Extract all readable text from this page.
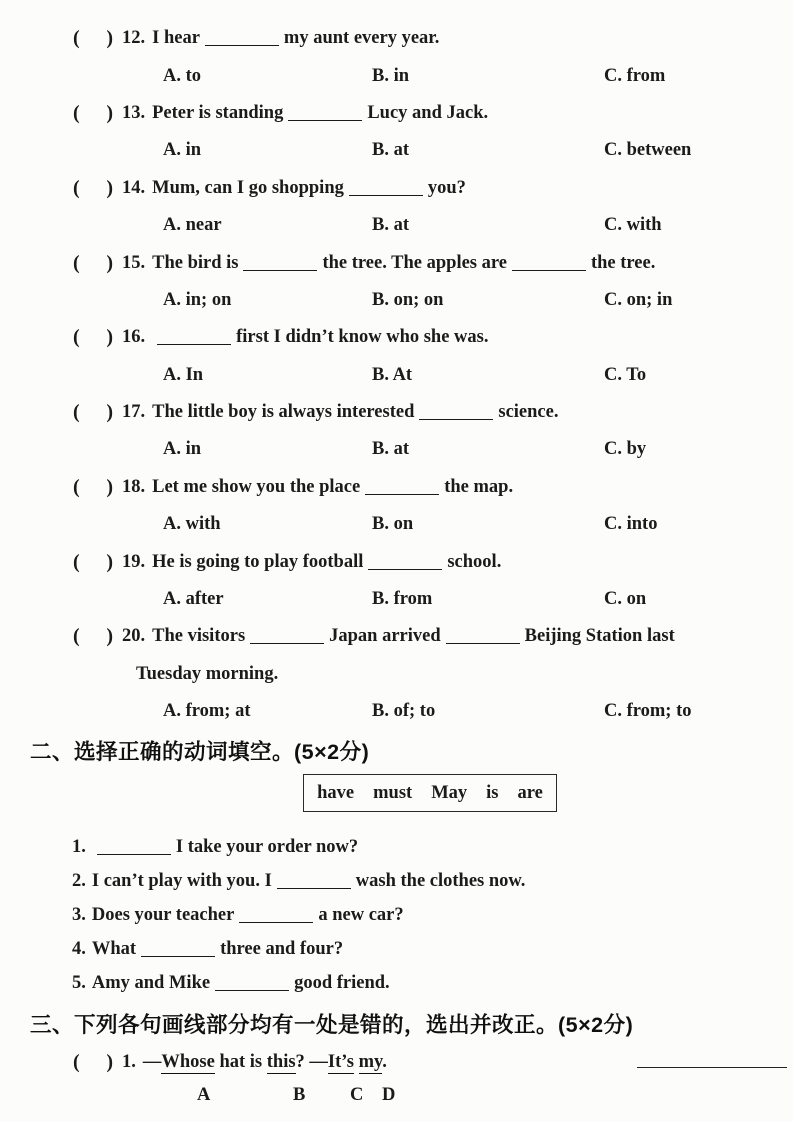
( ) 12. I hear	my aunt every year.
A. to	B. in	C. from
( ) 13. Peter is standing	Lucy and Jack.
A. in	B. at	C. between
( ) 14. Mum, can I go shopping	you?
A. near	B. at	C. with
( ) 15. The bird is	the tree. The apples are	the tree.
A. in; on	B. on; on	C. on; in
( ) 16.	first I didn’t know who she was.
A. In	B. At	C. To
( ) 17. The little boy is always interested	science.
A. in	B. at	C. by
( ) 18. Let me show you the place	the map.
A. with	B. on	C. into
( ) 19. He is going to play football	school.
A. after	B. from	C. on
( ) 20. The visitors	Japan arrived	Beijing Station last
Tuesday morning.
A. from; at	B. of; to	C. from; to
二、选择正确的动词填空。(5×2分)
have must May is are
1.	I take your order now?
2. I can’t play with you. I	wash the clothes now.
3. Does your teacher	a new car?
4. What	three and four?
5. Amy and Mike	good friend.
三、下列各句画线部分均有一处是错的，选出并改正。(5×2分)
( ) 1. —Whose hat is this? —It’s my.
A	B	C	D
